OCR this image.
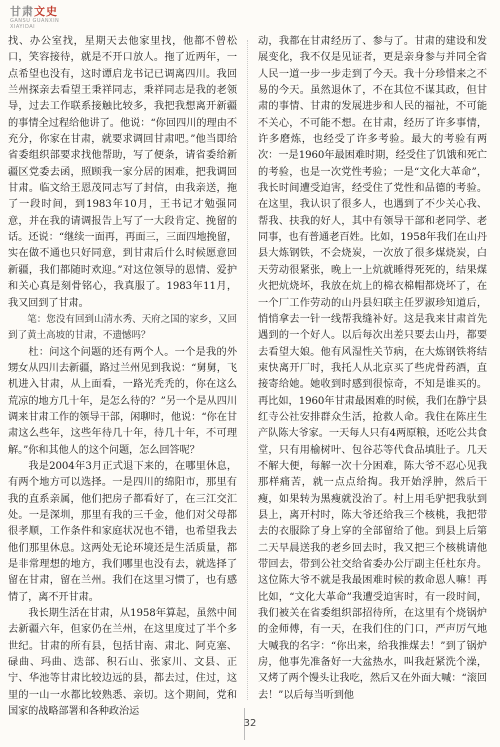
甘肃文史
GANSU GUANXIN
XIAYIDAI

找、办公室找，星期天去他家里找，他都不曾松口，笑容接待，就是不开口放人。拖了近两年，一点希望也没有，这时谭启龙书记已调离四川。我回兰州探亲去看望王秉祥同志，秉祥同志是我的老领导，过去工作联系接触比较多，我把我想离开新疆的事情全过程给他讲了。他说：“你回四川的理由不充分，你家在甘肃，就要求调回甘肃吧。”他当即给省委组织部要求找他帮助，写了便条，请省委给新疆区党委去函，照顾我一家分居的困难，把我调回甘肃。临文给王恩茂同志写了封信，由我亲送，拖了一段时间，到1983年10月，王书记才勉强同意，并在我的请调报告上写了一大段肯定、挽留的话。还说：“继续一面再，再面三，三面四地挽留，实在做不通也只好同意，到甘肃后什么时候愿意回新疆，我们都随时欢迎。”对这位领导的恩情、爱护和关心真是刻骨铭心，我真服了。1983年11月，我又回到了甘肃。

笔：您没有回到山清水秀、天府之国的家乡，又回到了黄土高坡的甘肃，不遗憾吗？

杜：问这个问题的还有两个人。一个是我的外甥女从四川去新疆，路过兰州见到我说：“舅舅，飞机进入甘肃，从上面看，一路光秃秃的，你在这么荒凉的地方几十年，是怎么待的？”另一个是从四川调来甘肃工作的领导干部，闲聊时，他说：“你在甘肃这么些年，这些年待几十年，待几十年，不可理解。”你和其他人的这个问题，怎么回答呢？

我是2004年3月正式退下来的，在哪里休息，有两个地方可以选择。一是四川的绵阳市，那里有我的直系亲属，他们把房子都看好了，在三江交汇处。一是深圳，那里有我的三千金，他们对父母都很孝顺，工作条件和家庭状况也不错，也希望我去他们那里休息。这两处无论环境还是生活质量，都是非常理想的地方，我们哪里也没有去，就选择了留在甘肃，留在兰州。我们在这里习惯了，也有感情了，离不开甘肃。

我长期生活在甘肃，从1958年算起，虽然中间去新疆六年，但家仍在兰州，在这里度过了半个多世纪。甘肃的所有县，包括甘南、肃北、阿克塞、碌曲、玛曲、迭部、积石山、张家川、文县、正宁、华池等甘肃比较边远的县，都去过，住过，这里的一山一水都比较熟悉、亲切。这个期间，党和国家的战略部署和各种政治运

动，我都在甘肃经历了、参与了。甘肃的建设和发展变化，我不仅是见证者，更是亲身参与并同全省人民一道一步一步走到了今天。我十分珍惜来之不易的今天。虽然退休了，不在其位不谋其政，但甘肃的事情、甘肃的发展进步和人民的福祉，不可能不关心，不可能不想。在甘肃，经历了许多事情，许多磨炼，也经受了许多考验。最大的考验有两次：一是1960年最困难时期，经受住了饥饿和死亡的考验，也是一次党性考验；一是“文化大革命”，我长时间遭受迫害，经受住了党性和品德的考验。在这里，我认识了很多人，也遇到了不少关心我、帮我、扶我的好人，其中有领导干部和老同学、老同事，也有普通老百姓。比如，1958年我们在山丹县大炼钢铁，不会烧炭，一次放了很多煤烧炭，白天劳动很紧张，晚上一上炕就睡得死死的，结果煤火把炕烧坏，我放在炕上的棉衣棉帽都烧坏了，在一个厂工作劳动的山丹县妇联主任罗淑珍知道后，悄悄拿去一针一线帮我缝补好。这是我来甘肃首先遇到的一个好人。以后每次出差只要去山丹，都要去看望大娘。他有风湿性关节病，在大炼钢铁将结束快离开厂时，我托人从北京买了些虎骨药酒，直接寄给她。她收到时感到很惊奇，不知是谁买的。再比如，1960年甘肃最困难的时候，我们在静宁县红寺公社安排群众生活，抢救人命。我住在陈庄生产队陈大爷家。一天每人只有4两原粮，还吃公共食堂，只有用榆树叶、包谷芯等代食品填肚子。几天不解大便，每解一次十分困难，陈大爷不忍心见我那样痛苦，就一点点给掏。我开始浮肿，然后干瘦，如果转为黑瘦就没治了。村上用毛驴把我驮到县上，离开村时，陈大爷还给我三个核桃，我把带去的衣服除了身上穿的全部留给了他。到县上后第二天早晨送我的老乡回去时，我又把三个核桃请他带回去，带到公社交给省委办公厅副主任杜东舟。这位陈大爷不就是我最困难时候的救命恩人嘛！再比如，“文化大革命”我遭受迫害时，有一段时间，我们被关在省委组织部招待所，在这里有个烧锅炉的金师傅，有一天，在我们住的门口，严声厉气地大喊我的名字：“你出来，给我推煤去！”到了锅炉房，他事先准备好一大盆热水，叫我赶紧洗个澡，又烤了两个馒头让我吃，然后又在外面大喊：“滚回去！”以后每当听到他

32
